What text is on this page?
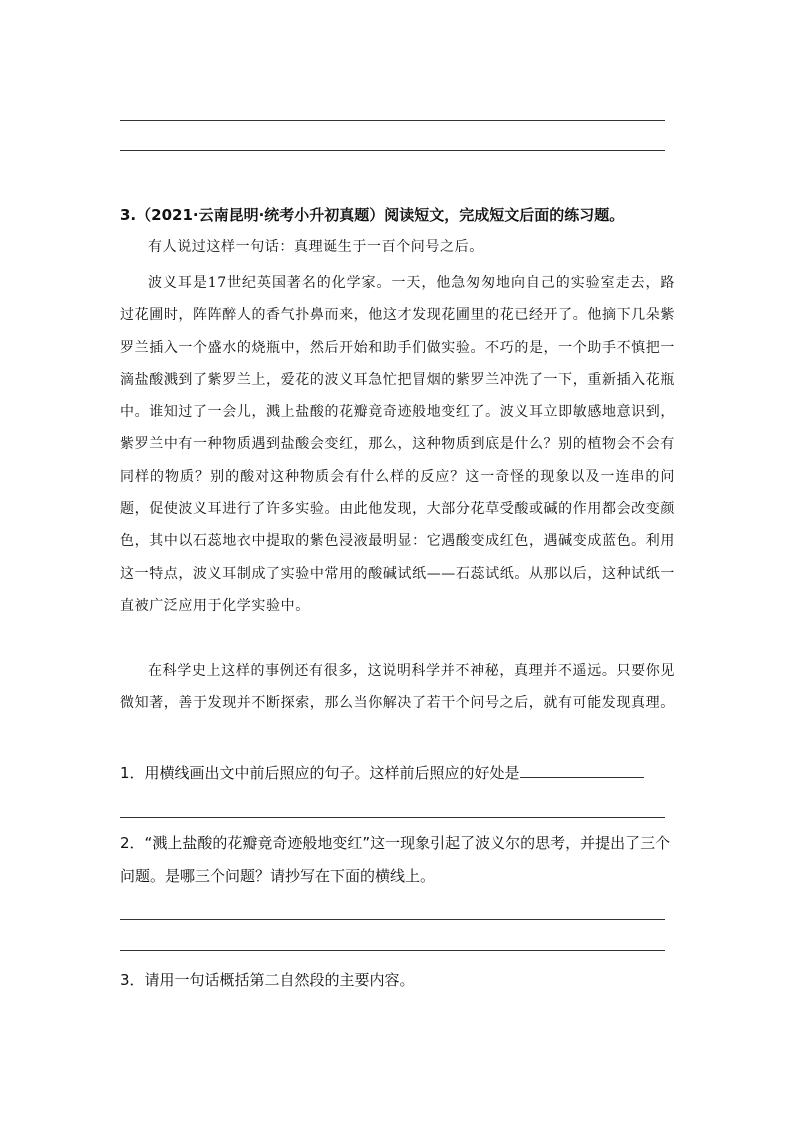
3.（2021·云南昆明·统考小升初真题）阅读短文，完成短文后面的练习题。

有人说过这样一句话：真理诞生于一百个问号之后。

波义耳是17世纪英国著名的化学家。一天，他急匆匆地向自己的实验室走去，路过花圃时，阵阵醉人的香气扑鼻而来，他这才发现花圃里的花已经开了。他摘下几朵紫罗兰插入一个盛水的烧瓶中，然后开始和助手们做实验。不巧的是，一个助手不慎把一滴盐酸溅到了紫罗兰上，爱花的波义耳急忙把冒烟的紫罗兰冲洗了一下，重新插入花瓶中。谁知过了一会儿，溅上盐酸的花瓣竟奇迹般地变红了。波义耳立即敏感地意识到，紫罗兰中有一种物质遇到盐酸会变红，那么，这种物质到底是什么？别的植物会不会有同样的物质？别的酸对这种物质会有什么样的反应？这一奇怪的现象以及一连串的问题，促使波义耳进行了许多实验。由此他发现，大部分花草受酸或碱的作用都会改变颜色，其中以石蕊地衣中提取的紫色浸液最明显：它遇酸变成红色，遇碱变成蓝色。利用这一特点，波义耳制成了实验中常用的酸碱试纸——石蕊试纸。从那以后，这种试纸一直被广泛应用于化学实验中。

在科学史上这样的事例还有很多，这说明科学并不神秘，真理并不遥远。只要你见微知著，善于发现并不断探索，那么当你解决了若干个问号之后，就有可能发现真理。

1．用横线画出文中前后照应的句子。这样前后照应的好处是

2．“溅上盐酸的花瓣竟奇迹般地变红”这一现象引起了波义尔的思考，并提出了三个问题。是哪三个问题？请抄写在下面的横线上。

3．请用一句话概括第二自然段的主要内容。
